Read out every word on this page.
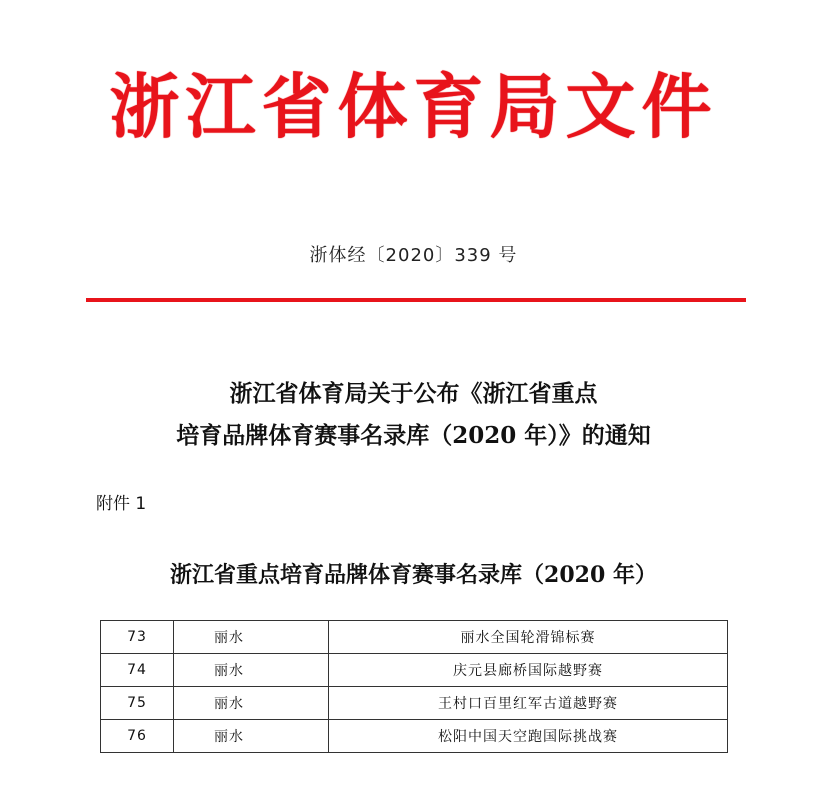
浙江省体育局文件
浙体经〔2020〕339 号
浙江省体育局关于公布《浙江省重点
培育品牌体育赛事名录库（2020 年）》的通知
附件 1
浙江省重点培育品牌体育赛事名录库（2020 年）
73	丽水	丽水全国轮滑锦标赛
74	丽水	庆元县廊桥国际越野赛
75	丽水	王村口百里红军古道越野赛
76	丽水	松阳中国天空跑国际挑战赛
